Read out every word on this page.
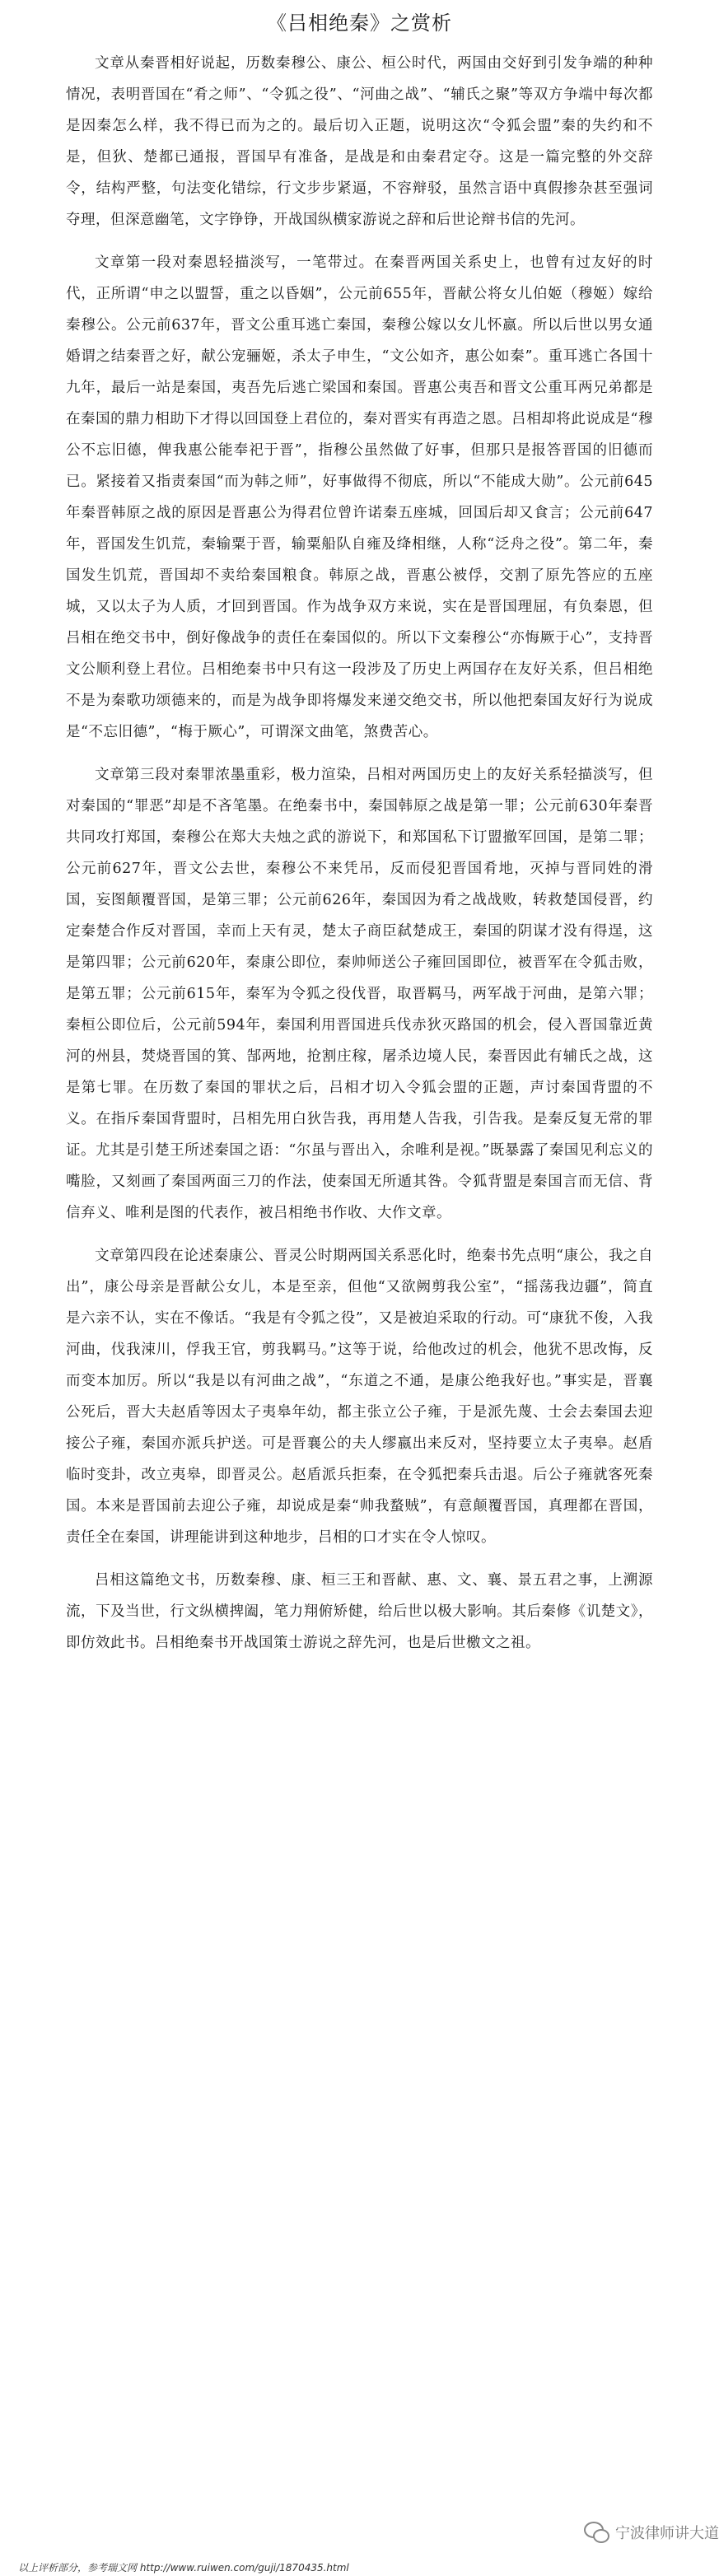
《吕相绝秦》之赏析

文章从秦晋相好说起，历数秦穆公、康公、桓公时代，两国由交好到引发争端的种种情况，表明晋国在“肴之师”、“令狐之役”、“河曲之战”、“辅氏之聚”等双方争端中每次都是因秦怎么样，我不得已而为之的。最后切入正题，说明这次“令狐会盟”秦的失约和不是，但狄、楚都已通报，晋国早有准备，是战是和由秦君定夺。这是一篇完整的外交辞令，结构严整，句法变化错综，行文步步紧逼，不容辩驳，虽然言语中真假掺杂甚至强词夺理，但深意幽笔，文字铮铮，开战国纵横家游说之辞和后世论辩书信的先河。

文章第一段对秦恩轻描淡写，一笔带过。在秦晋两国关系史上，也曾有过友好的时代，正所谓“申之以盟誓，重之以昏姻”，公元前655年，晋献公将女儿伯姬（穆姬）嫁给秦穆公。公元前637年，晋文公重耳逃亡秦国，秦穆公嫁以女儿怀嬴。所以后世以男女通婚谓之结秦晋之好，献公宠骊姬，杀太子申生，“文公如齐，惠公如秦”。重耳逃亡各国十九年，最后一站是秦国，夷吾先后逃亡梁国和秦国。晋惠公夷吾和晋文公重耳两兄弟都是在秦国的鼎力相助下才得以回国登上君位的，秦对晋实有再造之恩。吕相却将此说成是“穆公不忘旧德，俾我惠公能奉祀于晋”，指穆公虽然做了好事，但那只是报答晋国的旧德而已。紧接着又指责秦国“而为韩之师”，好事做得不彻底，所以“不能成大勋”。公元前645年秦晋韩原之战的原因是晋惠公为得君位曾许诺秦五座城，回国后却又食言；公元前647年，晋国发生饥荒，秦输粟于晋，输粟船队自雍及绛相继，人称“泛舟之役”。第二年，秦国发生饥荒，晋国却不卖给秦国粮食。韩原之战，晋惠公被俘，交割了原先答应的五座城，又以太子为人质，才回到晋国。作为战争双方来说，实在是晋国理屈，有负秦恩，但吕相在绝交书中，倒好像战争的责任在秦国似的。所以下文秦穆公“亦悔厥于心”，支持晋文公顺利登上君位。吕相绝秦书中只有这一段涉及了历史上两国存在友好关系，但吕相绝不是为秦歌功颂德来的，而是为战争即将爆发来递交绝交书，所以他把秦国友好行为说成是“不忘旧德”，“梅于厥心”，可谓深文曲笔，煞费苦心。

文章第三段对秦罪浓墨重彩，极力渲染，吕相对两国历史上的友好关系轻描淡写，但对秦国的“罪恶”却是不吝笔墨。在绝秦书中，秦国韩原之战是第一罪；公元前630年秦晋共同攻打郑国，秦穆公在郑大夫烛之武的游说下，和郑国私下订盟撤军回国，是第二罪；公元前627年，晋文公去世，秦穆公不来凭吊，反而侵犯晋国肴地，灭掉与晋同姓的滑国，妄图颠覆晋国，是第三罪；公元前626年，秦国因为肴之战战败，转救楚国侵晋，约定秦楚合作反对晋国，幸而上天有灵，楚太子商臣弑楚成王，秦国的阴谋才没有得逞，这是第四罪；公元前620年，秦康公即位，秦帅师送公子雍回国即位，被晋军在令狐击败，是第五罪；公元前615年，秦军为令狐之役伐晋，取晋羁马，两军战于河曲，是第六罪；秦桓公即位后，公元前594年，秦国利用晋国进兵伐赤狄灭路国的机会，侵入晋国靠近黄河的州县，焚烧晋国的箕、郜两地，抢割庄稼，屠杀边境人民，秦晋因此有辅氏之战，这是第七罪。在历数了秦国的罪状之后，吕相才切入令狐会盟的正题，声讨秦国背盟的不义。在指斥秦国背盟时，吕相先用白狄告我，再用楚人告我，引告我。是秦反复无常的罪证。尤其是引楚王所述秦国之语：“尔虽与晋出入，余唯利是视。”既暴露了秦国见利忘义的嘴脸，又刻画了秦国两面三刀的作法，使秦国无所遁其咎。令狐背盟是秦国言而无信、背信弃义、唯利是图的代表作，被吕相绝书作收、大作文章。

文章第四段在论述秦康公、晋灵公时期两国关系恶化时，绝秦书先点明“康公，我之自出”，康公母亲是晋献公女儿，本是至亲，但他“又欲阙剪我公室”，“摇荡我边疆”，简直是六亲不认，实在不像话。“我是有令狐之役”，又是被迫采取的行动。可“康犹不俊，入我河曲，伐我涑川，俘我王官，剪我羁马。”这等于说，给他改过的机会，他犹不思改悔，反而变本加厉。所以“我是以有河曲之战”，“东道之不通，是康公绝我好也。”事实是，晋襄公死后，晋大夫赵盾等因太子夷皋年幼，都主张立公子雍，于是派先蔑、士会去秦国去迎接公子雍，秦国亦派兵护送。可是晋襄公的夫人缪嬴出来反对，坚持要立太子夷皋。赵盾临时变卦，改立夷皋，即晋灵公。赵盾派兵拒秦，在令狐把秦兵击退。后公子雍就客死秦国。本来是晋国前去迎公子雍，却说成是秦“帅我蝥贼”，有意颠覆晋国，真理都在晋国，责任全在秦国，讲理能讲到这种地步，吕相的口才实在令人惊叹。

吕相这篇绝文书，历数秦穆、康、桓三王和晋献、惠、文、襄、景五君之事，上溯源流，下及当世，行文纵横捭阖，笔力翔俯矫健，给后世以极大影响。其后秦修《讥楚文》，即仿效此书。吕相绝秦书开战国策士游说之辞先河，也是后世檄文之祖。

宁波律师讲大道
以上评析部分，参考瑞文网 http://www.ruiwen.com/guji/1870435.html
